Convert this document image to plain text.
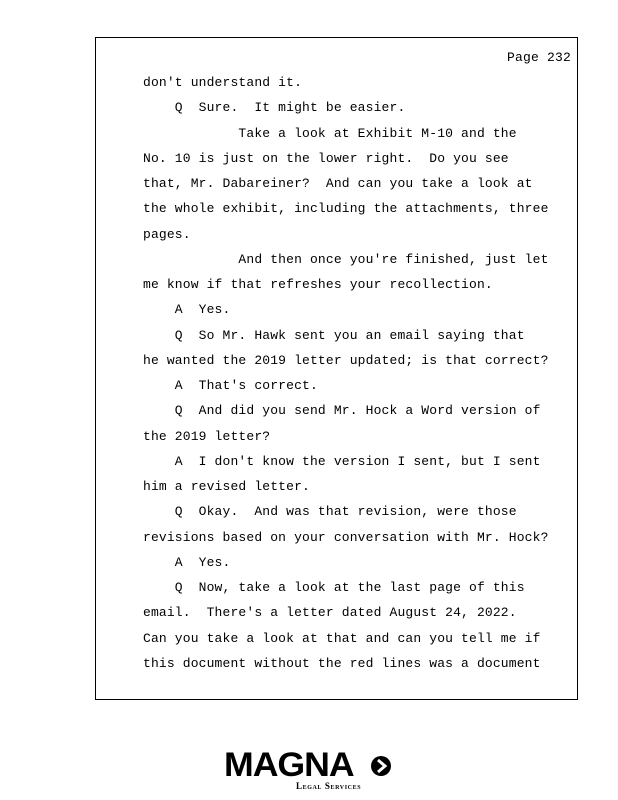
Page 232
don't understand it.
Q  Sure.  It might be easier.
Take a look at Exhibit M-10 and the
No. 10 is just on the lower right.  Do you see
that, Mr. Dabareiner?  And can you take a look at
the whole exhibit, including the attachments, three
pages.
And then once you're finished, just let
me know if that refreshes your recollection.
A  Yes.
Q  So Mr. Hawk sent you an email saying that
he wanted the 2019 letter updated; is that correct?
A  That's correct.
Q  And did you send Mr. Hock a Word version of
the 2019 letter?
A  I don't know the version I sent, but I sent
him a revised letter.
Q  Okay.  And was that revision, were those
revisions based on your conversation with Mr. Hock?
A  Yes.
Q  Now, take a look at the last page of this
email.  There's a letter dated August 24, 2022.
Can you take a look at that and can you tell me if
this document without the red lines was a document
MAGNA
Legal Services
